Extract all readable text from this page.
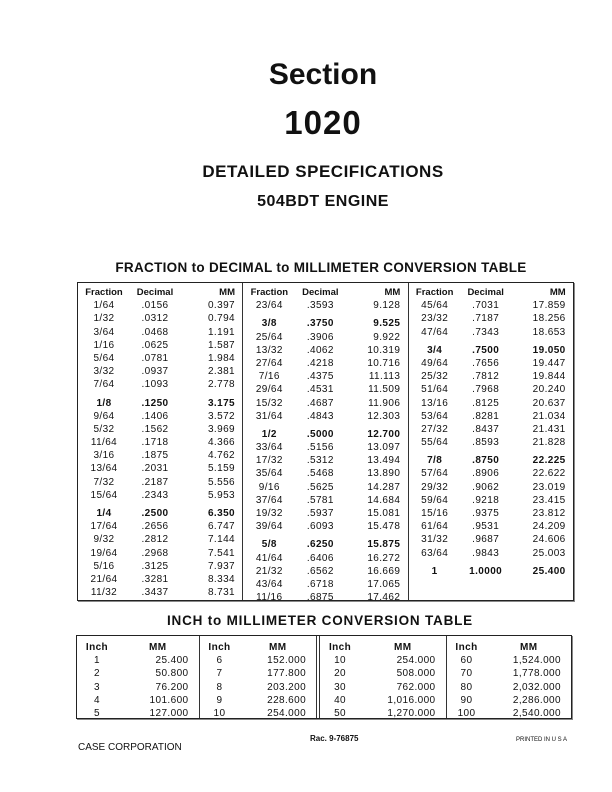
Section
1020
DETAILED SPECIFICATIONS
504BDT ENGINE
FRACTION to DECIMAL to MILLIMETER CONVERSION TABLE
Fraction	Decimal	MM
1/64	.0156	0.397
1/32	.0312	0.794
3/64	.0468	1.191
1/16	.0625	1.587
5/64	.0781	1.984
3/32	.0937	2.381
7/64	.1093	2.778
1/8	.1250	3.175
9/64	.1406	3.572
5/32	.1562	3.969
11/64	.1718	4.366
3/16	.1875	4.762
13/64	.2031	5.159
7/32	.2187	5.556
15/64	.2343	5.953
1/4	.2500	6.350
17/64	.2656	6.747
9/32	.2812	7.144
19/64	.2968	7.541
5/16	.3125	7.937
21/64	.3281	8.334
11/32	.3437	8.731
Fraction	Decimal	MM
23/64	.3593	9.128
3/8	.3750	9.525
25/64	.3906	9.922
13/32	.4062	10.319
27/64	.4218	10.716
7/16	.4375	11.113
29/64	.4531	11.509
15/32	.4687	11.906
31/64	.4843	12.303
1/2	.5000	12.700
33/64	.5156	13.097
17/32	.5312	13.494
35/64	.5468	13.890
9/16	.5625	14.287
37/64	.5781	14.684
19/32	.5937	15.081
39/64	.6093	15.478
5/8	.6250	15.875
41/64	.6406	16.272
21/32	.6562	16.669
43/64	.6718	17.065
11/16	.6875	17.462
Fraction	Decimal	MM
45/64	.7031	17.859
23/32	.7187	18.256
47/64	.7343	18.653
3/4	.7500	19.050
49/64	.7656	19.447
25/32	.7812	19.844
51/64	.7968	20.240
13/16	.8125	20.637
53/64	.8281	21.034
27/32	.8437	21.431
55/64	.8593	21.828
7/8	.8750	22.225
57/64	.8906	22.622
29/32	.9062	23.019
59/64	.9218	23.415
15/16	.9375	23.812
61/64	.9531	24.209
31/32	.9687	24.606
63/64	.9843	25.003
1	1.0000	25.400
INCH to MILLIMETER CONVERSION TABLE
Inch	MM
1	25.400
2	50.800
3	76.200
4	101.600
5	127.000
Inch	MM
6	152.000
7	177.800
8	203.200
9	228.600
10	254.000
Inch	MM
10	254.000
20	508.000
30	762.000
40	1,016.000
50	1,270.000
Inch	MM
60	1,524.000
70	1,778.000
80	2,032.000
90	2,286.000
100	2,540.000
CASE CORPORATION
Rac. 9-76875	PRINTED IN U S A
